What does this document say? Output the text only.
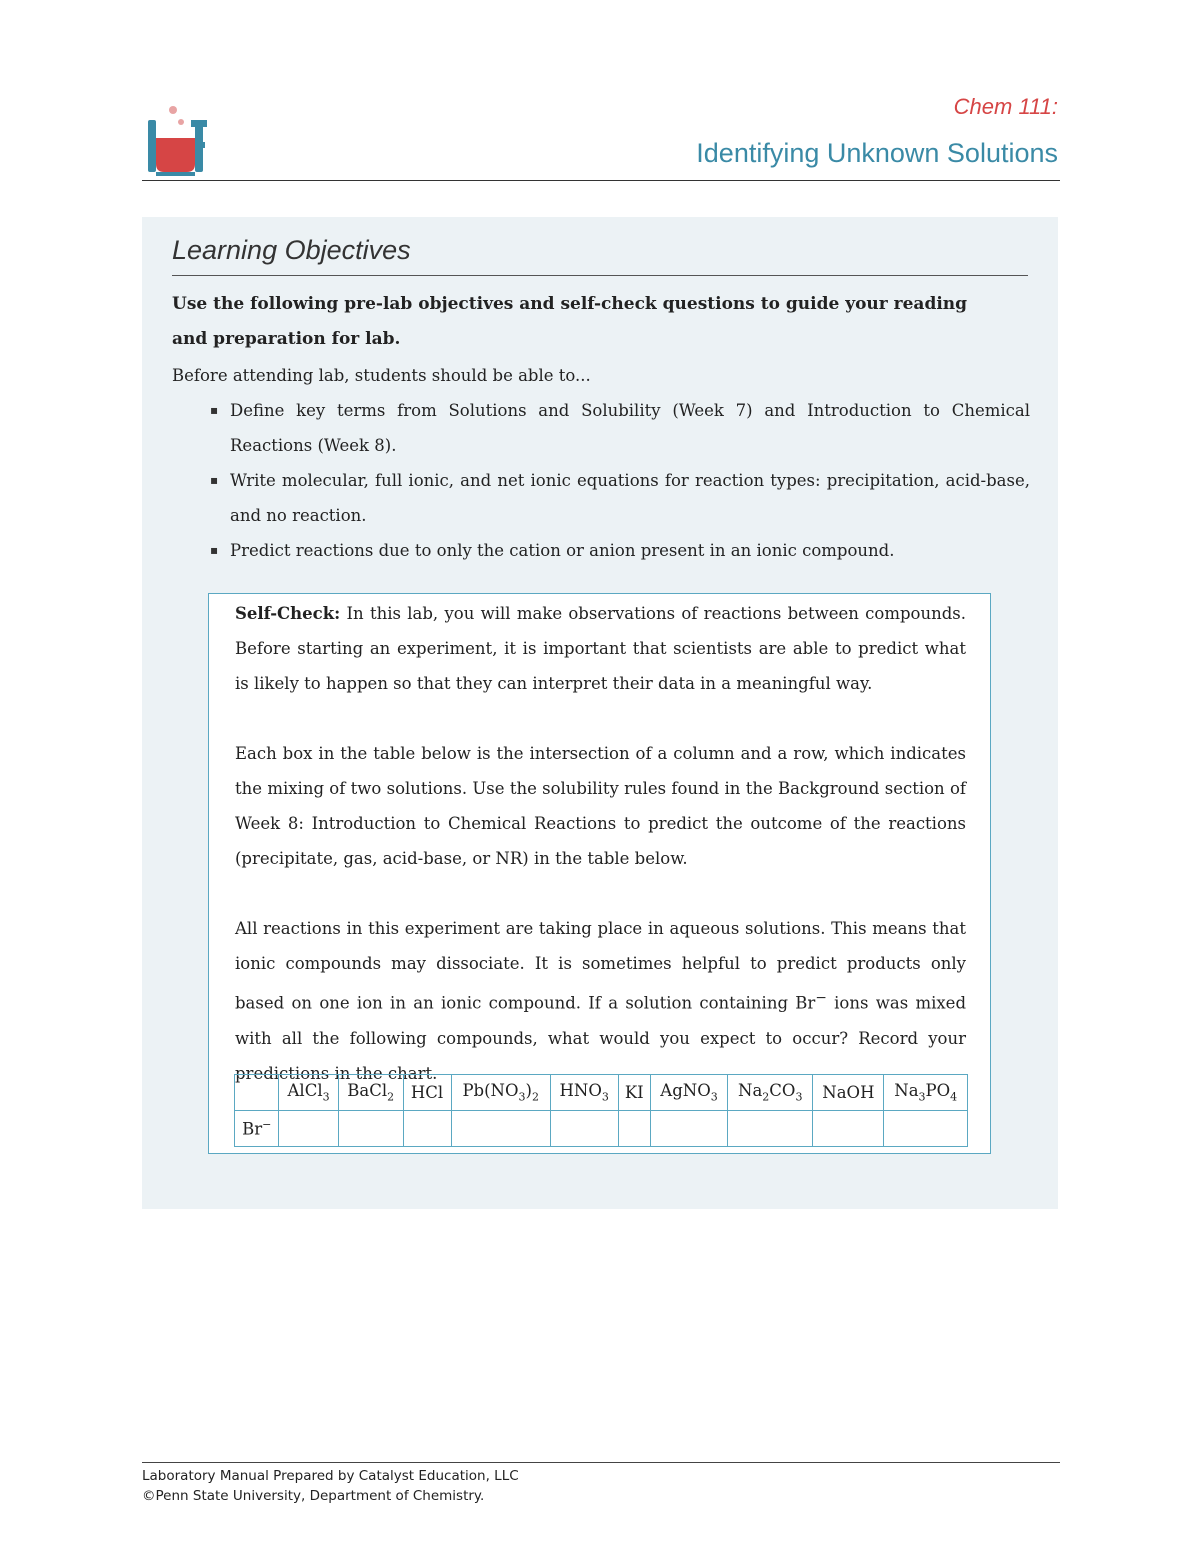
Chem 111:
Identifying Unknown Solutions
Learning Objectives
Use the following pre-lab objectives and self-check questions to guide your reading and preparation for lab.
Before attending lab, students should be able to...
▪ Define key terms from Solutions and Solubility (Week 7) and Introduction to Chemical Reactions (Week 8).
▪ Write molecular, full ionic, and net ionic equations for reaction types: precipitation, acid-base, and no reaction.
▪ Predict reactions due to only the cation or anion present in an ionic compound.

Self-Check: In this lab, you will make observations of reactions between compounds. Before starting an experiment, it is important that scientists are able to predict what is likely to happen so that they can interpret their data in a meaningful way.

Each box in the table below is the intersection of a column and a row, which indicates the mixing of two solutions. Use the solubility rules found in the Background section of Week 8: Introduction to Chemical Reactions to predict the outcome of the reactions (precipitate, gas, acid-base, or NR) in the table below.

All reactions in this experiment are taking place in aqueous solutions. This means that ionic compounds may dissociate. It is sometimes helpful to predict products only based on one ion in an ionic compound. If a solution containing Br− ions was mixed with all the following compounds, what would you expect to occur? Record your predictions in the chart.

	AlCl$_3$	BaCl$_2$	HCl	$Pb(NO_3)_2$	$HNO_3$	KI	AgNO$_3$	$Na_2CO_3$	NaOH	$Na_3PO_4$
Br−										
Laboratory Manual Prepared by Catalyst Education, LLC
©Penn State University, Department of Chemistry.
